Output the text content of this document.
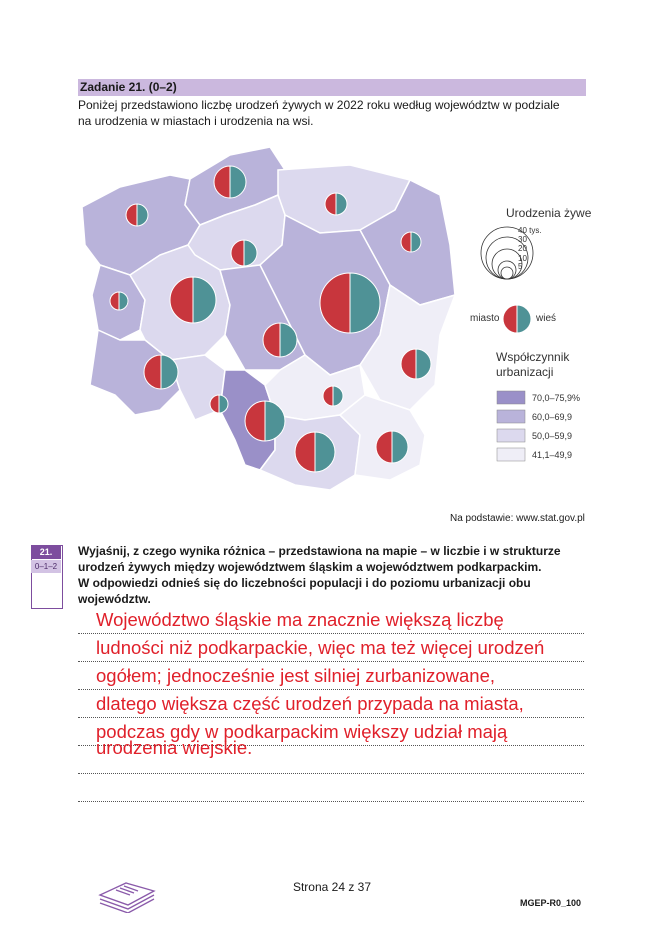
Zadanie 21. (0–2)
Poniżej przedstawiono liczbę urodzeń żywych w 2022 roku według województw w podziale
na urodzenia w miastach i urodzenia na wsi.
Urodzenia żywe
40 tys.
30
20
10
5
miasto	wieś
Współczynnik
urbanizacji
70,0–75,9%
60,0–69,9
50,0–59,9
41,1–49,9
Na podstawie: www.stat.gov.pl
21.
0–1–2
Wyjaśnij, z czego wynika różnica – przedstawiona na mapie – w liczbie i w strukturze
urodzeń żywych między województwem śląskim a województwem podkarpackim.
W odpowiedzi odnieś się do liczebności populacji i do poziomu urbanizacji obu
województw.
Województwo śląskie ma znacznie większą liczbę
ludności niż podkarpackie, więc ma też więcej urodzeń
ogółem; jednocześnie jest silniej zurbanizowane,
dlatego większa część urodzeń przypada na miasta,
podczas gdy w podkarpackim większy udział mają
urodzenia wiejskie.
Strona 24 z 37
MGEP-R0_100
